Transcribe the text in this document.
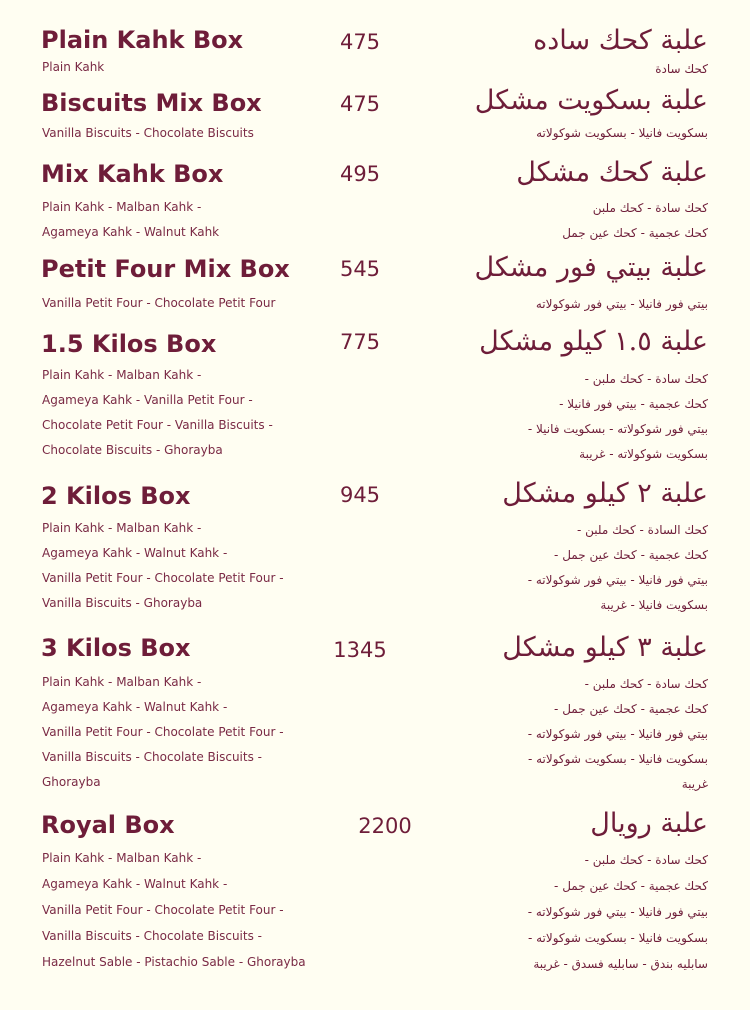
Plain Kahk Box	475
Plain Kahk
علبة كحك ساده
كحك سادة
Biscuits Mix Box	475
Vanilla Biscuits - Chocolate Biscuits
علبة بسكويت مشكل
بسكويت فانيلا - بسكويت شوكولاته
Mix Kahk Box	495
Plain Kahk - Malban Kahk -
Agameya Kahk - Walnut Kahk
علبة كحك مشكل
كحك سادة - كحك ملبن
كحك عجمية - كحك عين جمل
Petit Four Mix Box	545
Vanilla Petit Four - Chocolate Petit Four
علبة بيتي فور مشكل
بيتي فور فانيلا - بيتي فور شوكولاته
1.5 Kilos Box	775
Plain Kahk - Malban Kahk -
Agameya Kahk - Vanilla Petit Four -
Chocolate Petit Four - Vanilla Biscuits -
Chocolate Biscuits - Ghorayba
علبة ١.٥ كيلو مشكل
كحك سادة - كحك ملبن -
كحك عجمية - بيتي فور فانيلا -
بيتي فور شوكولاته - بسكويت فانيلا -
بسكويت شوكولاته - غريبة
2 Kilos Box	945
Plain Kahk - Malban Kahk -
Agameya Kahk - Walnut Kahk -
Vanilla Petit Four - Chocolate Petit Four -
Vanilla Biscuits - Ghorayba
علبة ٢ كيلو مشكل
كحك السادة - كحك ملبن -
كحك عجمية - كحك عين جمل -
بيتي فور فانيلا - بيتي فور شوكولاته -
بسكويت فانيلا - غريبة
3 Kilos Box	1345
Plain Kahk - Malban Kahk -
Agameya Kahk - Walnut Kahk -
Vanilla Petit Four - Chocolate Petit Four -
Vanilla Biscuits - Chocolate Biscuits -
Ghorayba
علبة ٣ كيلو مشكل
كحك سادة - كحك ملبن -
كحك عجمية - كحك عين جمل -
بيتي فور فانيلا - بيتي فور شوكولاته -
بسكويت فانيلا - بسكويت شوكولاته -
غريبة
Royal Box	2200
Plain Kahk - Malban Kahk -
Agameya Kahk - Walnut Kahk -
Vanilla Petit Four - Chocolate Petit Four -
Vanilla Biscuits - Chocolate Biscuits -
Hazelnut Sable - Pistachio Sable - Ghorayba
علبة رويال
كحك سادة - كحك ملبن -
كحك عجمية - كحك عين جمل -
بيتي فور فانيلا - بيتي فور شوكولاته -
بسكويت فانيلا - بسكويت شوكولاته -
سابليه بندق - سابليه فسدق - غريبة
